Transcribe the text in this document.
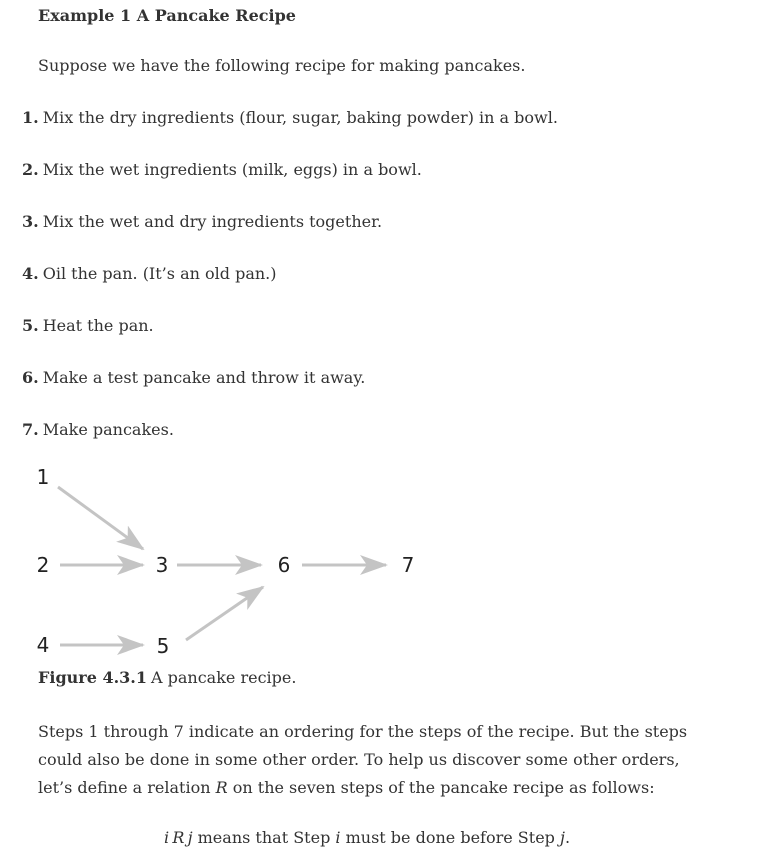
Example 1 A Pancake Recipe
Suppose we have the following recipe for making pancakes.
1. Mix the dry ingredients (flour, sugar, baking powder) in a bowl.
2. Mix the wet ingredients (milk, eggs) in a bowl.
3. Mix the wet and dry ingredients together.
4. Oil the pan. (It’s an old pan.)
5. Heat the pan.
6. Make a test pancake and throw it away.
7. Make pancakes.
1
2	3
4	5
6	7
Figure 4.3.1 A pancake recipe.
Steps 1 through 7 indicate an ordering for the steps of the recipe. But the steps
could also be done in some other order. To help us discover some other orders,
let’s define a relation R on the seven steps of the pancake recipe as follows:
i  R  j means that Step i must be done before Step j.
